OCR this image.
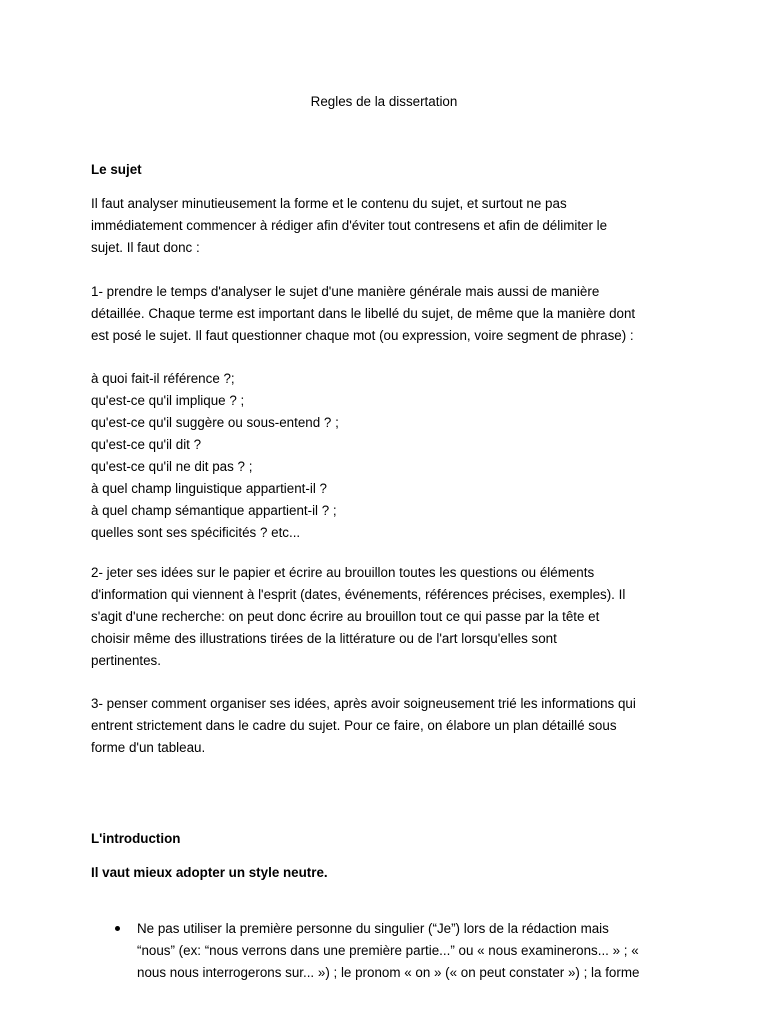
Regles de la dissertation
Le sujet
Il faut analyser minutieusement la forme et le contenu du sujet, et surtout ne pas
immédiatement commencer à rédiger afin d'éviter tout contresens et afin de délimiter le
sujet. Il faut donc :
1- prendre le temps d'analyser le sujet d'une manière générale mais aussi de manière
détaillée. Chaque terme est important dans le libellé du sujet, de même que la manière dont
est posé le sujet. Il faut questionner chaque mot (ou expression, voire segment de phrase) :
à quoi fait-il référence ?;
qu'est-ce qu'il implique ? ;
qu'est-ce qu'il suggère ou sous-entend ? ;
qu'est-ce qu'il dit ?
qu'est-ce qu'il ne dit pas ? ;
à quel champ linguistique appartient-il ?
à quel champ sémantique appartient-il ? ;
quelles sont ses spécificités ? etc...
2- jeter ses idées sur le papier et écrire au brouillon toutes les questions ou éléments
d'information qui viennent à l'esprit (dates, événements, références précises, exemples). Il
s'agit d'une recherche: on peut donc écrire au brouillon tout ce qui passe par la tête et
choisir même des illustrations tirées de la littérature ou de l'art lorsqu'elles sont
pertinentes.
3- penser comment organiser ses idées, après avoir soigneusement trié les informations qui
entrent strictement dans le cadre du sujet. Pour ce faire, on élabore un plan détaillé sous
forme d'un tableau.
L'introduction
Il vaut mieux adopter un style neutre.
Ne pas utiliser la première personne du singulier (“Je”) lors de la rédaction mais
“nous” (ex: “nous verrons dans une première partie...” ou « nous examinerons... » ; «
nous nous interrogerons sur... ») ; le pronom « on » (« on peut constater ») ; la forme
